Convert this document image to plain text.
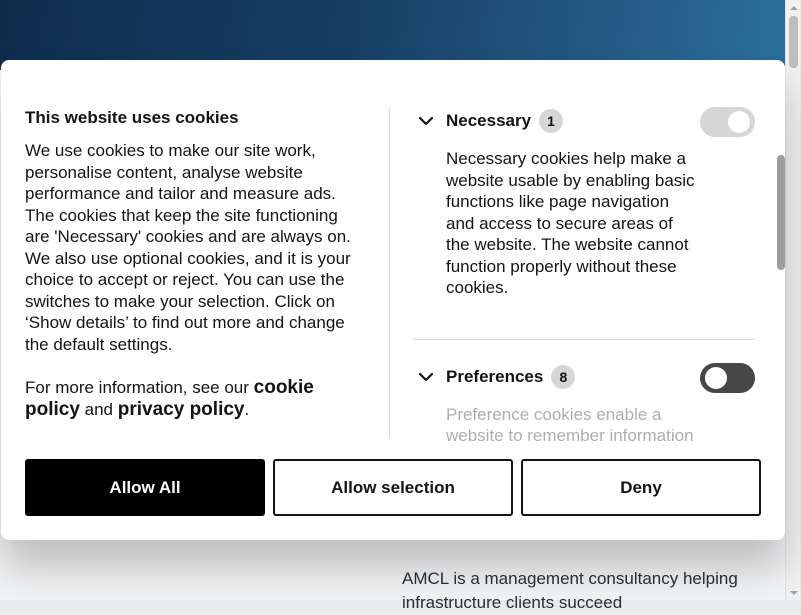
AMCL is a management consultancy helping infrastructure clients succeed
This website uses cookies
We use cookies to make our site work, personalise content, analyse website performance and tailor and measure ads. The cookies that keep the site functioning are 'Necessary' cookies and are always on. We also use optional cookies, and it is your choice to accept or reject. You can use the switches to make your selection. Click on ‘Show details’ to find out more and change the default settings.
For more information, see our cookie policy and privacy policy.
Necessary	1
Necessary cookies help make a website usable by enabling basic functions like page navigation and access to secure areas of the website. The website cannot function properly without these cookies.
Preferences	8
Preference cookies enable a website to remember information
Allow All	Allow selection	Deny
